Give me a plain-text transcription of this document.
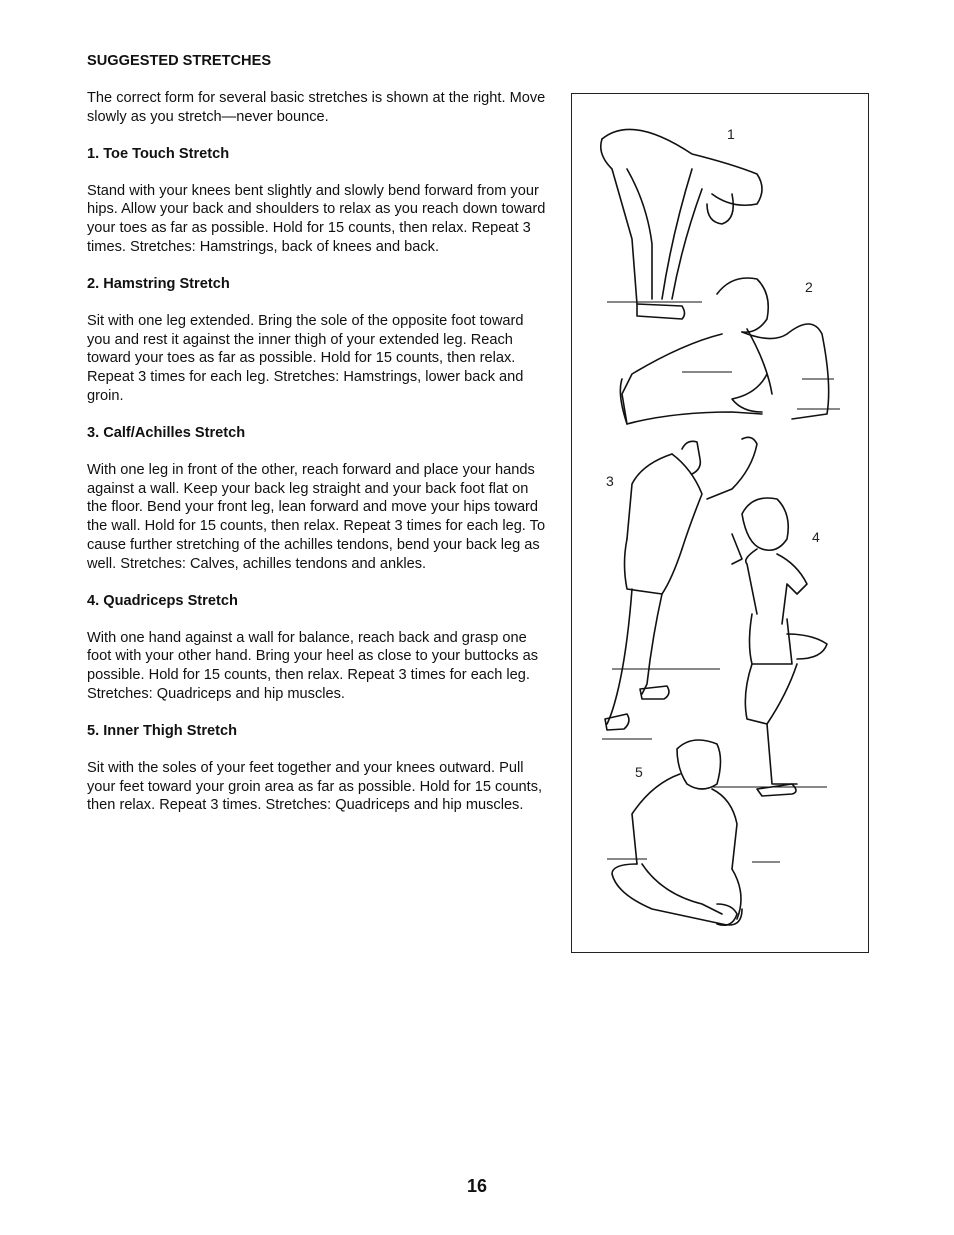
SUGGESTED STRETCHES

The correct form for several basic stretches is shown at the right. Move slowly as you stretch—never bounce.

1. Toe Touch Stretch

Stand with your knees bent slightly and slowly bend forward from your hips. Allow your back and shoulders to relax as you reach down toward your toes as far as possible. Hold for 15 counts, then relax. Repeat 3 times. Stretches: Hamstrings, back of knees and back.

2. Hamstring Stretch

Sit with one leg extended. Bring the sole of the opposite foot toward you and rest it against the inner thigh of your extended leg. Reach toward your toes as far as possible. Hold for 15 counts, then relax. Repeat 3 times for each leg. Stretches: Hamstrings, lower back and groin.

3. Calf/Achilles Stretch

With one leg in front of the other, reach forward and place your hands against a wall. Keep your back leg straight and your back foot flat on the floor. Bend your front leg, lean forward and move your hips toward the wall. Hold for 15 counts, then relax. Repeat 3 times for each leg. To cause further stretching of the achilles tendons, bend your back leg as well. Stretches: Calves, achilles tendons and ankles.

4. Quadriceps Stretch

With one hand against a wall for balance, reach back and grasp one foot with your other hand. Bring your heel as close to your buttocks as possible. Hold for 15 counts, then relax. Repeat 3 times for each leg. Stretches: Quadriceps and hip muscles.

5. Inner Thigh Stretch

Sit with the soles of your feet together and your knees outward. Pull your feet toward your groin area as far as possible. Hold for 15 counts, then relax. Repeat 3 times. Stretches: Quadriceps and hip muscles.

1
2
3
4
5
16
